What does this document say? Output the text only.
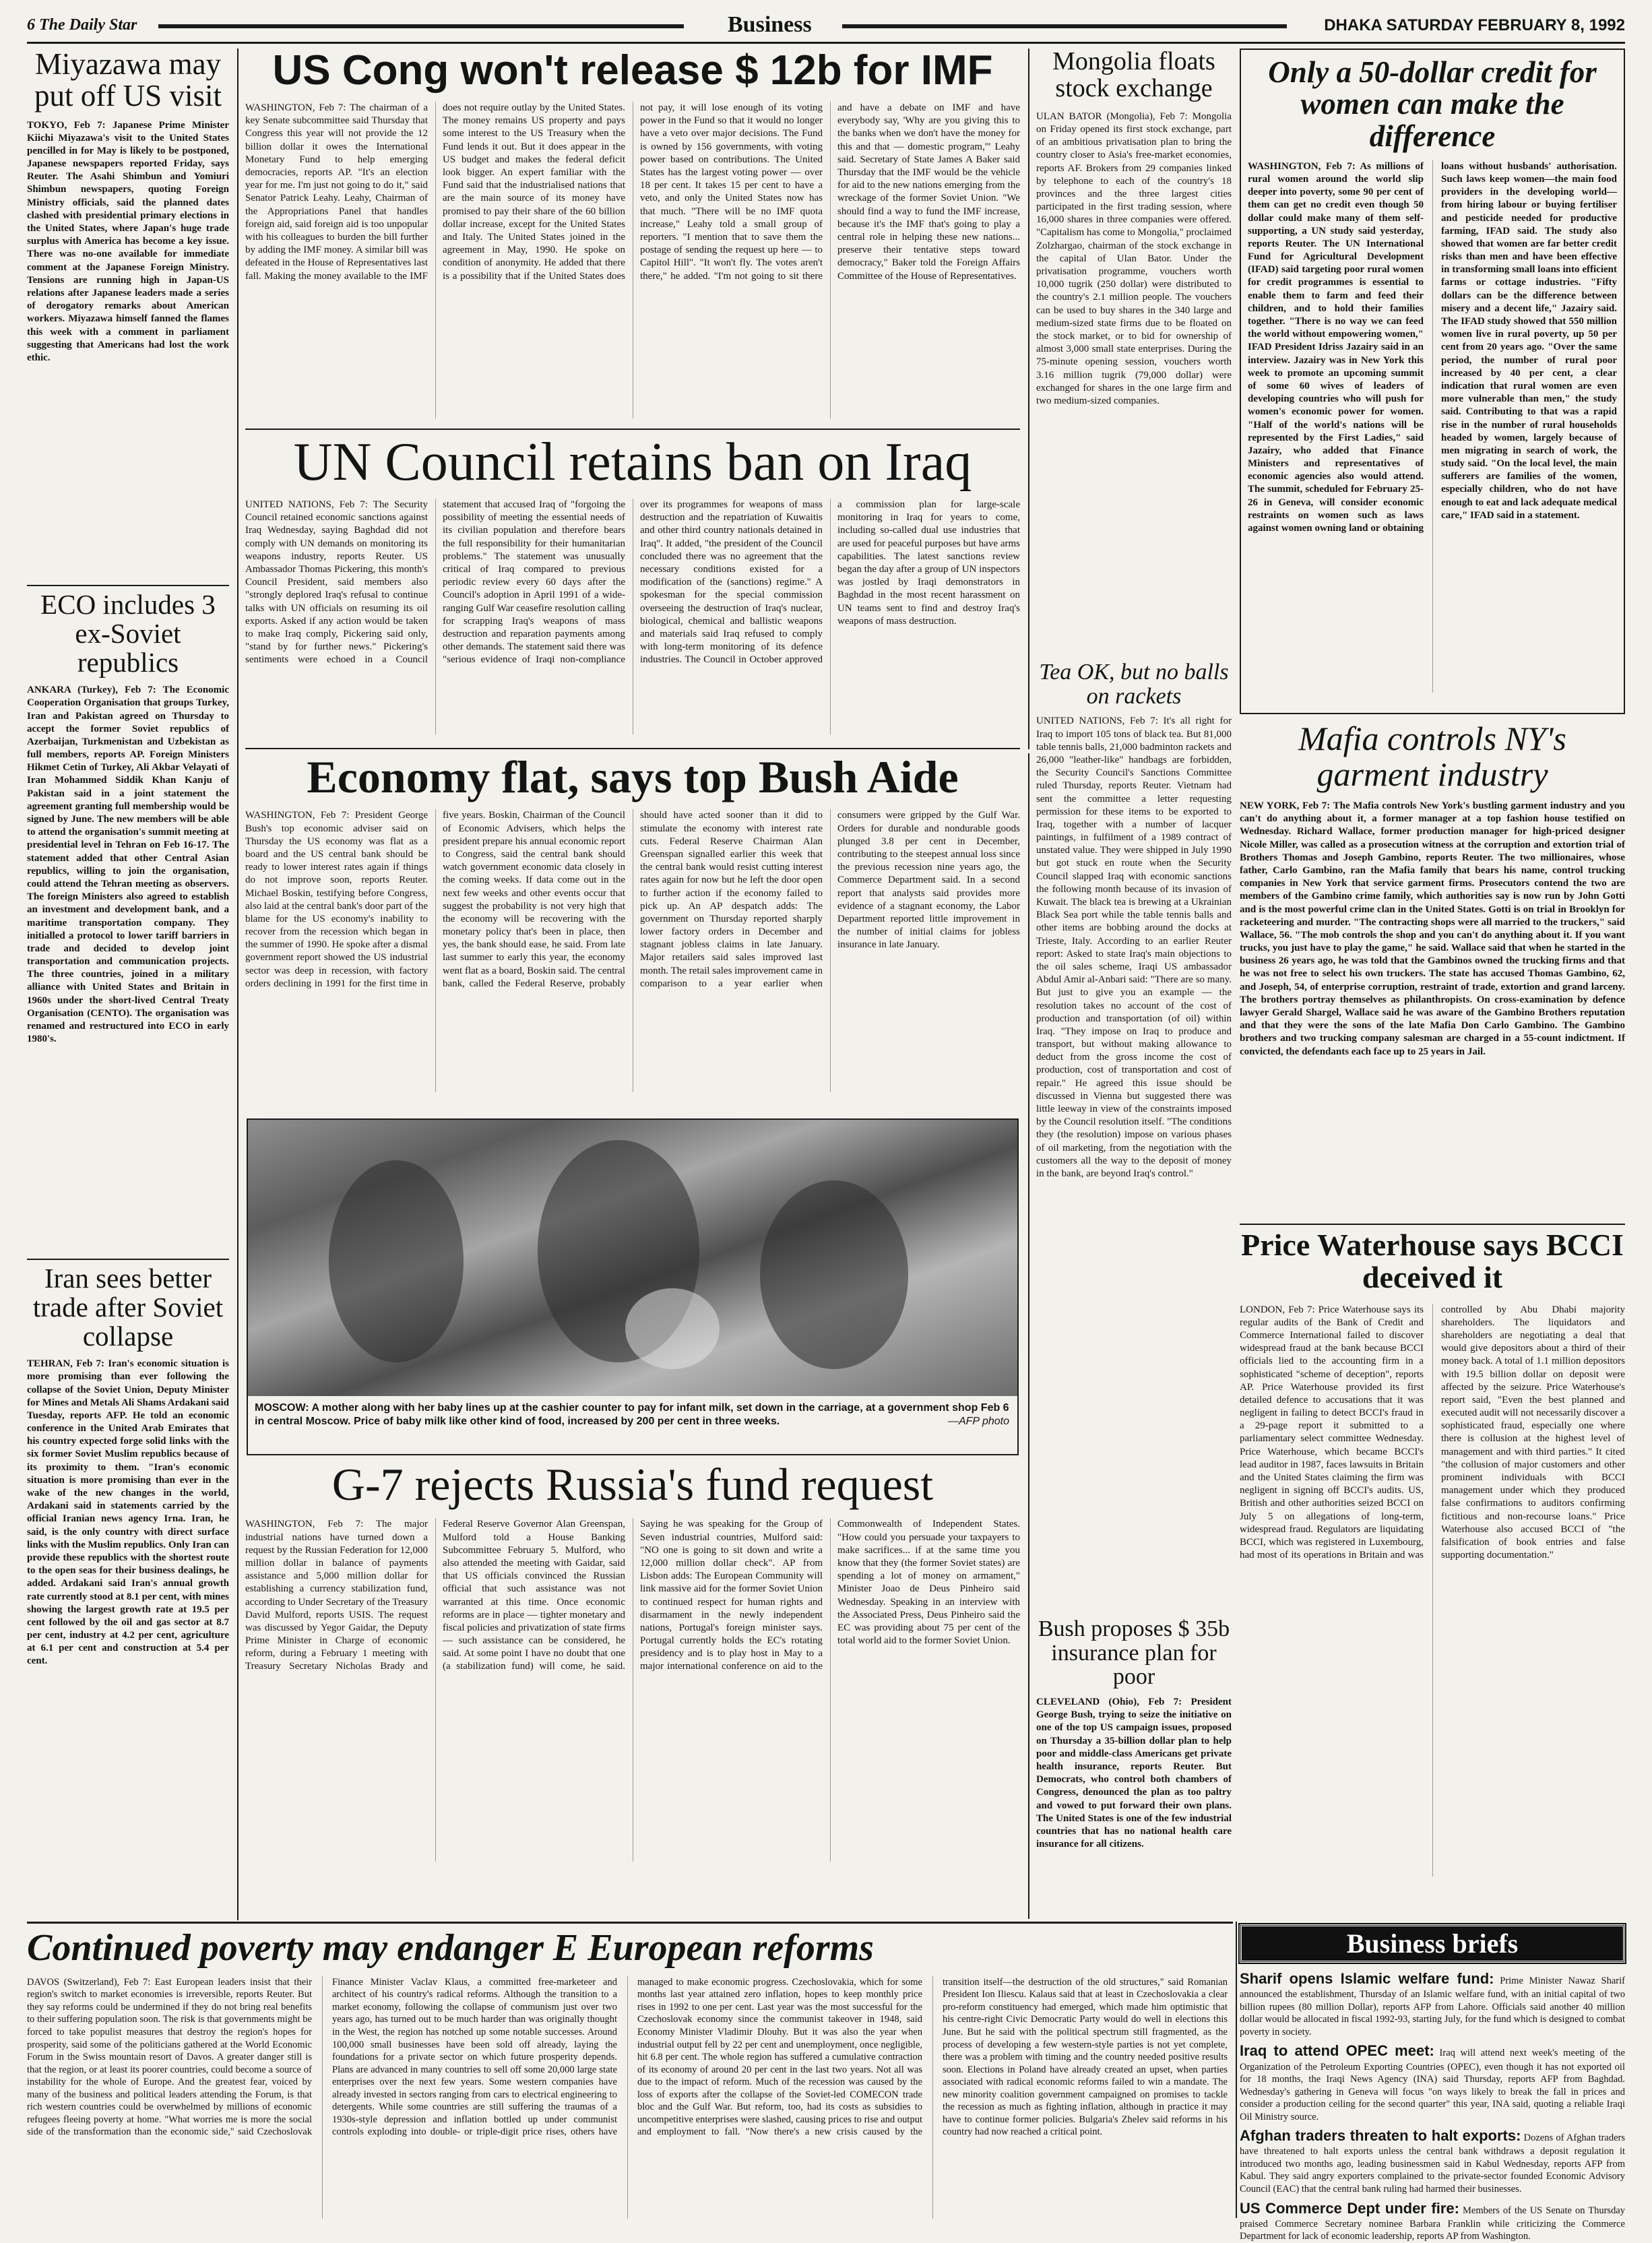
6 The Daily Star	Business	DHAKA SATURDAY FEBRUARY 8, 1992
Miyazawa may put off US visit
TOKYO, Feb 7: Japanese Prime Minister Kiichi Miyazawa's visit to the United States pencilled in for May is likely to be postponed, Japanese newspapers reported Friday, says Reuter. The Asahi Shimbun and Yomiuri Shimbun newspapers, quoting Foreign Ministry officials, said the planned dates clashed with presidential primary elections in the United States, where Japan's huge trade surplus with America has become a key issue. There was no-one available for immediate comment at the Japanese Foreign Ministry. Tensions are running high in Japan-US relations after Japanese leaders made a series of derogatory remarks about American workers. Miyazawa himself fanned the flames this week with a comment in parliament suggesting that Americans had lost the work ethic.
ECO includes 3 ex-Soviet republics
ANKARA (Turkey), Feb 7: The Economic Cooperation Organisation that groups Turkey, Iran and Pakistan agreed on Thursday to accept the former Soviet republics of Azerbaijan, Turkmenistan and Uzbekistan as full members, reports AP. Foreign Ministers Hikmet Cetin of Turkey, Ali Akbar Velayati of Iran Mohammed Siddik Khan Kanju of Pakistan said in a joint statement the agreement granting full membership would be signed by June. The new members will be able to attend the organisation's summit meeting at presidential level in Tehran on Feb 16-17. The statement added that other Central Asian republics, willing to join the organisation, could attend the Tehran meeting as observers. The foreign Ministers also agreed to establish an investment and development bank, and a maritime transportation company. They initialled a protocol to lower tariff barriers in trade and decided to develop joint transportation and communication projects. The three countries, joined in a military alliance with United States and Britain in 1960s under the short-lived Central Treaty Organisation (CENTO). The organisation was renamed and restructured into ECO in early 1980's.
Iran sees better trade after Soviet collapse
TEHRAN, Feb 7: Iran's economic situation is more promising than ever following the collapse of the Soviet Union, Deputy Minister for Mines and Metals Ali Shams Ardakani said Tuesday, reports AFP. He told an economic conference in the United Arab Emirates that his country expected forge solid links with the six former Soviet Muslim republics because of its proximity to them. "Iran's economic situation is more promising than ever in the wake of the new changes in the world, Ardakani said in statements carried by the official Iranian news agency Irna. Iran, he said, is the only country with direct surface links with the Muslim republics. Only Iran can provide these republics with the shortest route to the open seas for their business dealings, he added. Ardakani said Iran's annual growth rate currently stood at 8.1 per cent, with mines showing the largest growth rate at 19.5 per cent followed by the oil and gas sector at 8.7 per cent, industry at 4.2 per cent, agriculture at 6.1 per cent and construction at 5.4 per cent.
US Cong won't release $ 12b for IMF
WASHINGTON, Feb 7: The chairman of a key Senate subcommittee said Thursday that Congress this year will not provide the 12 billion dollar it owes the International Monetary Fund to help emerging democracies, reports AP. "It's an election year for me. I'm just not going to do it," said Senator Patrick Leahy. Leahy, Chairman of the Appropriations Panel that handles foreign aid, said foreign aid is too unpopular with his colleagues to burden the bill further by adding the IMF money. A similar bill was defeated in the House of Representatives last fall. Making the money available to the IMF does not require outlay by the United States. The money remains US property and pays some interest to the US Treasury when the Fund lends it out. But it does appear in the US budget and makes the federal deficit look bigger. An expert familiar with the Fund said that the industrialised nations that are the main source of its money have promised to pay their share of the 60 billion dollar increase, except for the United States and Italy. The United States joined in the agreement in May, 1990. He spoke on condition of anonymity. He added that there is a possibility that if the United States does not pay, it will lose enough of its voting power in the Fund so that it would no longer have a veto over major decisions. The Fund is owned by 156 governments, with voting power based on contributions. The United States has the largest voting power — over 18 per cent. It takes 15 per cent to have a veto, and only the United States now has that much. "There will be no IMF quota increase," Leahy told a small group of reporters. "I mention that to save them the postage of sending the request up here — to Capitol Hill". "It won't fly. The votes aren't there," he added. "I'm not going to sit there and have a debate on IMF and have everybody say, 'Why are you giving this to the banks when we don't have the money for this and that — domestic program,'" Leahy said. Secretary of State James A Baker said Thursday that the IMF would be the vehicle for aid to the new nations emerging from the wreckage of the former Soviet Union. "We should find a way to fund the IMF increase, because it's the IMF that's going to play a central role in helping these new nations... preserve their tentative steps toward democracy," Baker told the Foreign Affairs Committee of the House of Representatives.
Mongolia floats stock exchange
ULAN BATOR (Mongolia), Feb 7: Mongolia on Friday opened its first stock exchange, part of an ambitious privatisation plan to bring the country closer to Asia's free-market economies, reports AF. Brokers from 29 companies linked by telephone to each of the country's 18 provinces and the three largest cities participated in the first trading session, where 16,000 shares in three companies were offered. "Capitalism has come to Mongolia," proclaimed Zolzhargao, chairman of the stock exchange in the capital of Ulan Bator. Under the privatisation programme, vouchers worth 10,000 tugrik (250 dollar) were distributed to the country's 2.1 million people. The vouchers can be used to buy shares in the 340 large and medium-sized state firms due to be floated on the stock market, or to bid for ownership of almost 3,000 small state enterprises. During the 75-minute opening session, vouchers worth 3.16 million tugrik (79,000 dollar) were exchanged for shares in the one large firm and two medium-sized companies.
Only a 50-dollar credit for women can make the difference
WASHINGTON, Feb 7: As millions of rural women around the world slip deeper into poverty, some 90 per cent of them can get no credit even though 50 dollar could make many of them self-supporting, a UN study said yesterday, reports Reuter. The UN International Fund for Agricultural Development (IFAD) said targeting poor rural women for credit programmes is essential to enable them to farm and feed their children, and to hold their families together. "There is no way we can feed the world without empowering women," IFAD President Idriss Jazairy said in an interview. Jazairy was in New York this week to promote an upcoming summit of some 60 wives of leaders of developing countries who will push for women's economic power for women. "Half of the world's nations will be represented by the First Ladies," said Jazairy, who added that Finance Ministers and representatives of economic agencies also would attend. The summit, scheduled for February 25-26 in Geneva, will consider economic restraints on women such as laws against women owning land or obtaining loans without husbands' authorisation. Such laws keep women—the main food providers in the developing world—from hiring labour or buying fertiliser and pesticide needed for productive farming, IFAD said. The study also showed that women are far better credit risks than men and have been effective in transforming small loans into efficient farms or cottage industries. "Fifty dollars can be the difference between misery and a decent life," Jazairy said. The IFAD study showed that 550 million women live in rural poverty, up 50 per cent from 20 years ago. "Over the same period, the number of rural poor increased by 40 per cent, a clear indication that rural women are even more vulnerable than men," the study said. Contributing to that was a rapid rise in the number of rural households headed by women, largely because of men migrating in search of work, the study said. "On the local level, the main sufferers are families of the women, especially children, who do not have enough to eat and lack adequate medical care," IFAD said in a statement.
UN Council retains ban on Iraq
UNITED NATIONS, Feb 7: The Security Council retained economic sanctions against Iraq Wednesday, saying Baghdad did not comply with UN demands on monitoring its weapons industry, reports Reuter. US Ambassador Thomas Pickering, this month's Council President, said members also "strongly deplored Iraq's refusal to continue talks with UN officials on resuming its oil exports. Asked if any action would be taken to make Iraq comply, Pickering said only, "stand by for further news." Pickering's sentiments were echoed in a Council statement that accused Iraq of "forgoing the possibility of meeting the essential needs of its civilian population and therefore bears the full responsibility for their humanitarian problems." The statement was unusually critical of Iraq compared to previous periodic review every 60 days after the Council's adoption in April 1991 of a wide-ranging Gulf War ceasefire resolution calling for scrapping Iraq's weapons of mass destruction and reparation payments among other demands. The statement said there was "serious evidence of Iraqi non-compliance over its programmes for weapons of mass destruction and the repatriation of Kuwaitis and other third country nationals detained in Iraq". It added, "the president of the Council concluded there was no agreement that the necessary conditions existed for a modification of the (sanctions) regime." A spokesman for the special commission overseeing the destruction of Iraq's nuclear, biological, chemical and ballistic weapons and materials said Iraq refused to comply with long-term monitoring of its defence industries. The Council in October approved a commission plan for large-scale monitoring in Iraq for years to come, including so-called dual use industries that are used for peaceful purposes but have arms capabilities. The latest sanctions review began the day after a group of UN inspectors was jostled by Iraqi demonstrators in Baghdad in the most recent harassment on UN teams sent to find and destroy Iraq's weapons of mass destruction.
Tea OK, but no balls on rackets
UNITED NATIONS, Feb 7: It's all right for Iraq to import 105 tons of black tea. But 81,000 table tennis balls, 21,000 badminton rackets and 26,000 "leather-like" handbags are forbidden, the Security Council's Sanctions Committee ruled Thursday, reports Reuter. Vietnam had sent the committee a letter requesting permission for these items to be exported to Iraq, together with a number of lacquer paintings, in fulfilment of a 1989 contract of unstated value. They were shipped in July 1990 but got stuck en route when the Security Council slapped Iraq with economic sanctions the following month because of its invasion of Kuwait. The black tea is brewing at a Ukrainian Black Sea port while the table tennis balls and other items are bobbing around the docks at Trieste, Italy. According to an earlier Reuter report: Asked to state Iraq's main objections to the oil sales scheme, Iraqi US ambassador Abdul Amir al-Anbari said: "There are so many. But just to give you an example — the resolution takes no account of the cost of production and transportation (of oil) within Iraq. "They impose on Iraq to produce and transport, but without making allowance to deduct from the gross income the cost of production, cost of transportation and cost of repair." He agreed this issue should be discussed in Vienna but suggested there was little leeway in view of the constraints imposed by the Council resolution itself. "The conditions they (the resolution) impose on various phases of oil marketing, from the negotiation with the customers all the way to the deposit of money in the bank, are beyond Iraq's control."
Economy flat, says top Bush Aide
WASHINGTON, Feb 7: President George Bush's top economic adviser said on Thursday the US economy was flat as a board and the US central bank should be ready to lower interest rates again if things do not improve soon, reports Reuter. Michael Boskin, testifying before Congress, also laid at the central bank's door part of the blame for the US economy's inability to recover from the recession which began in the summer of 1990. He spoke after a dismal government report showed the US industrial sector was deep in recession, with factory orders declining in 1991 for the first time in five years. Boskin, Chairman of the Council of Economic Advisers, which helps the president prepare his annual economic report to Congress, said the central bank should watch government economic data closely in the coming weeks. If data come out in the next few weeks and other events occur that suggest the probability is not very high that the economy will be recovering with the monetary policy that's been in place, then yes, the bank should ease, he said. From late last summer to early this year, the economy went flat as a board, Boskin said. The central bank, called the Federal Reserve, probably should have acted sooner than it did to stimulate the economy with interest rate cuts. Federal Reserve Chairman Alan Greenspan signalled earlier this week that the central bank would resist cutting interest rates again for now but he left the door open to further action if the economy failed to pick up. An AP despatch adds: The government on Thursday reported sharply lower factory orders in December and stagnant jobless claims in late January. Major retailers said sales improved last month. The retail sales improvement came in comparison to a year earlier when consumers were gripped by the Gulf War. Orders for durable and nondurable goods plunged 3.8 per cent in December, contributing to the steepest annual loss since the previous recession nine years ago, the Commerce Department said. In a second report that analysts said provides more evidence of a stagnant economy, the Labor Department reported little improvement in the number of initial claims for jobless insurance in late January.
MOSCOW: A mother along with her baby lines up at the cashier counter to pay for infant milk, set down in the carriage, at a government shop Feb 6 in central Moscow. Price of baby milk like other kind of food, increased by 200 per cent in three weeks.	—AFP photo
G-7 rejects Russia's fund request
WASHINGTON, Feb 7: The major industrial nations have turned down a request by the Russian Federation for 12,000 million dollar in balance of payments assistance and 5,000 million dollar for establishing a currency stabilization fund, according to Under Secretary of the Treasury David Mulford, reports USIS. The request was discussed by Yegor Gaidar, the Deputy Prime Minister in Charge of economic reform, during a February 1 meeting with Treasury Secretary Nicholas Brady and Federal Reserve Governor Alan Greenspan, Mulford told a House Banking Subcommittee February 5. Mulford, who also attended the meeting with Gaidar, said that US officials convinced the Russian official that such assistance was not warranted at this time. Once economic reforms are in place — tighter monetary and fiscal policies and privatization of state firms — such assistance can be considered, he said. At some point I have no doubt that one (a stabilization fund) will come, he said. Saying he was speaking for the Group of Seven industrial countries, Mulford said: "NO one is going to sit down and write a 12,000 million dollar check". AP from Lisbon adds: The European Community will link massive aid for the former Soviet Union to continued respect for human rights and disarmament in the newly independent nations, Portugal's foreign minister says. Portugal currently holds the EC's rotating presidency and is to play host in May to a major international conference on aid to the Commonwealth of Independent States. "How could you persuade your taxpayers to make sacrifices... if at the same time you know that they (the former Soviet states) are spending a lot of money on armament," Minister Joao de Deus Pinheiro said Wednesday. Speaking in an interview with the Associated Press, Deus Pinheiro said the EC was providing about 75 per cent of the total world aid to the former Soviet Union.	Bush proposes $ 35b insurance plan for poor
CLEVELAND (Ohio), Feb 7: President George Bush, trying to seize the initiative on one of the top US campaign issues, proposed on Thursday a 35-billion dollar plan to help poor and middle-class Americans get private health insurance, reports Reuter. But Democrats, who control both chambers of Congress, denounced the plan as too paltry and vowed to put forward their own plans. The United States is one of the few industrial countries that has no national health care insurance for all citizens.
Mafia controls NY's garment industry
NEW YORK, Feb 7: The Mafia controls New York's bustling garment industry and you can't do anything about it, a former manager at a top fashion house testified on Wednesday. Richard Wallace, former production manager for high-priced designer Nicole Miller, was called as a prosecution witness at the corruption and extortion trial of Brothers Thomas and Joseph Gambino, reports Reuter. The two millionaires, whose father, Carlo Gambino, ran the Mafia family that bears his name, control trucking companies in New York that service garment firms. Prosecutors contend the two are members of the Gambino crime family, which authorities say is now run by John Gotti and is the most powerful crime clan in the United States. Gotti is on trial in Brooklyn for racketeering and murder. "The contracting shops were all married to the truckers," said Wallace, 56. "The mob controls the shop and you can't do anything about it. If you want trucks, you just have to play the game," he said. Wallace said that when he started in the business 26 years ago, he was told that the Gambinos owned the trucking firms and that he was not free to select his own truckers. The state has accused Thomas Gambino, 62, and Joseph, 54, of enterprise corruption, restraint of trade, extortion and grand larceny. The brothers portray themselves as philanthropists. On cross-examination by defence lawyer Gerald Shargel, Wallace said he was aware of the Gambino Brothers reputation and that they were the sons of the late Mafia Don Carlo Gambino. The Gambino brothers and two trucking company salesman are charged in a 55-count indictment. If convicted, the defendants each face up to 25 years in Jail.
Price Waterhouse says BCCI deceived it
LONDON, Feb 7: Price Waterhouse says its regular audits of the Bank of Credit and Commerce International failed to discover widespread fraud at the bank because BCCI officials lied to the accounting firm in a sophisticated "scheme of deception", reports AP. Price Waterhouse provided its first detailed defence to accusations that it was negligent in failing to detect BCCI's fraud in a 29-page report it submitted to a parliamentary select committee Wednesday. Price Waterhouse, which became BCCI's lead auditor in 1987, faces lawsuits in Britain and the United States claiming the firm was negligent in signing off BCCI's audits. US, British and other authorities seized BCCI on July 5 on allegations of long-term, widespread fraud. Regulators are liquidating BCCI, which was registered in Luxembourg, had most of its operations in Britain and was controlled by Abu Dhabi majority shareholders. The liquidators and shareholders are negotiating a deal that would give depositors about a third of their money back. A total of 1.1 million depositors with 19.5 billion dollar on deposit were affected by the seizure. Price Waterhouse's report said, "Even the best planned and executed audit will not necessarily discover a sophisticated fraud, especially one where there is collusion at the highest level of management and with third parties." It cited "the collusion of major customers and other prominent individuals with BCCI management under which they produced false confirmations to auditors confirming fictitious and non-recourse loans." Price Waterhouse also accused BCCI of "the falsification of book entries and false supporting documentation."
Business briefs
Sharif opens Islamic welfare fund: Prime Minister Nawaz Sharif announced the establishment, Thursday of an Islamic welfare fund, with an initial capital of two billion rupees (80 million Dollar), reports AFP from Lahore. Officials said another 40 million dollar would be allocated in fiscal 1992-93, starting July, for the fund which is designed to combat poverty in society.
Iraq to attend OPEC meet: Iraq will attend next week's meeting of the Organization of the Petroleum Exporting Countries (OPEC), even though it has not exported oil for 18 months, the Iraqi News Agency (INA) said Thursday, reports AFP from Baghdad. Wednesday's gathering in Geneva will focus "on ways likely to break the fall in prices and consider a production ceiling for the second quarter" this year, INA said, quoting a reliable Iraqi Oil Ministry source.
Afghan traders threaten to halt exports: Dozens of Afghan traders have threatened to halt exports unless the central bank withdraws a deposit regulation it introduced two months ago, leading businessmen said in Kabul Wednesday, reports AFP from Kabul. They said angry exporters complained to the private-sector founded Economic Advisory Council (EAC) that the central bank ruling had harmed their businesses.
US Commerce Dept under fire: Members of the US Senate on Thursday praised Commerce Secretary nominee Barbara Franklin while criticizing the Commerce Department for lack of economic leadership, reports AP from Washington.
Continued poverty may endanger E European reforms
DAVOS (Switzerland), Feb 7: East European leaders insist that their region's switch to market economies is irreversible, reports Reuter. But they say reforms could be undermined if they do not bring real benefits to their suffering population soon. The risk is that governments might be forced to take populist measures that destroy the region's hopes for prosperity, said some of the politicians gathered at the World Economic Forum in the Swiss mountain resort of Davos. A greater danger still is that the region, or at least its poorer countries, could become a source of instability for the whole of Europe. And the greatest fear, voiced by many of the business and political leaders attending the Forum, is that rich western countries could be overwhelmed by millions of economic refugees fleeing poverty at home. "What worries me is more the social side of the transformation than the economic side," said Czechoslovak Finance Minister Vaclav Klaus, a committed free-marketeer and architect of his country's radical reforms. Although the transition to a market economy, following the collapse of communism just over two years ago, has turned out to be much harder than was originally thought in the West, the region has notched up some notable successes. Around 100,000 small businesses have been sold off already, laying the foundations for a private sector on which future prosperity depends. Plans are advanced in many countries to sell off some 20,000 large state enterprises over the next few years. Some western companies have already invested in sectors ranging from cars to electrical engineering to detergents. While some countries are still suffering the traumas of a 1930s-style depression and inflation bottled up under communist controls exploding into double- or triple-digit price rises, others have managed to make economic progress. Czechoslovakia, which for some months last year attained zero inflation, hopes to keep monthly price rises in 1992 to one per cent. Last year was the most successful for the Czechoslovak economy since the communist takeover in 1948, said Economy Minister Vladimir Dlouhy. But it was also the year when industrial output fell by 22 per cent and unemployment, once negligible, hit 6.8 per cent. The whole region has suffered a cumulative contraction of its economy of around 20 per cent in the last two years. Not all was due to the impact of reform. Much of the recession was caused by the loss of exports after the collapse of the Soviet-led COMECON trade bloc and the Gulf War. But reform, too, had its costs as subsidies to uncompetitive enterprises were slashed, causing prices to rise and output and employment to fall. "Now there's a new crisis caused by the transition itself—the destruction of the old structures," said Romanian President Ion Iliescu. Kalaus said that at least in Czechoslovakia a clear pro-reform constituency had emerged, which made him optimistic that his centre-right Civic Democratic Party would do well in elections this June. But he said with the political spectrum still fragmented, as the process of developing a few western-style parties is not yet complete, there was a problem with timing and the country needed positive results soon. Elections in Poland have already created an upset, when parties associated with radical economic reforms failed to win a mandate. The new minority coalition government campaigned on promises to tackle the recession as much as fighting inflation, although in practice it may have to continue former policies. Bulgaria's Zhelev said reforms in his country had now reached a critical point.
